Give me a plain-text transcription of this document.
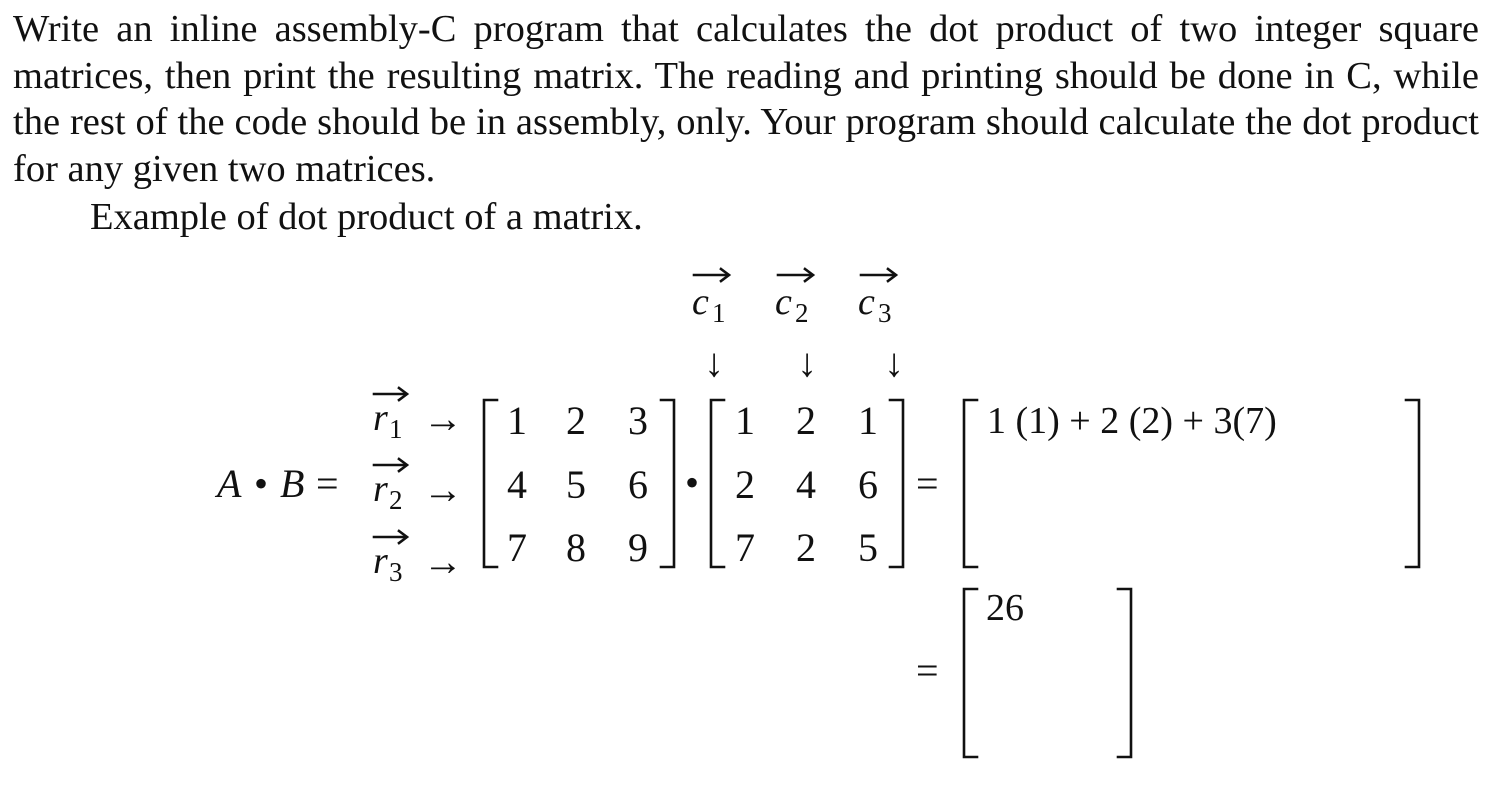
Write an inline assembly-C program that calculates the dot product of two integer square matrices, then print the resulting matrix. The reading and printing should be done in C, while the rest of the code should be in assembly, only. Your program should calculate the dot product for any given two matrices.
Example of dot product of a matrix.
c 1 c 2 c 3
↓ ↓ ↓
A • B =
r 1
r 2
r 3
→
→
→
1 2 3
4 5 6
7 8 9
•
1 2 1
2 4 6
7 2 5
=
1 (1) + 2 (2) + 3(7)
=
26
